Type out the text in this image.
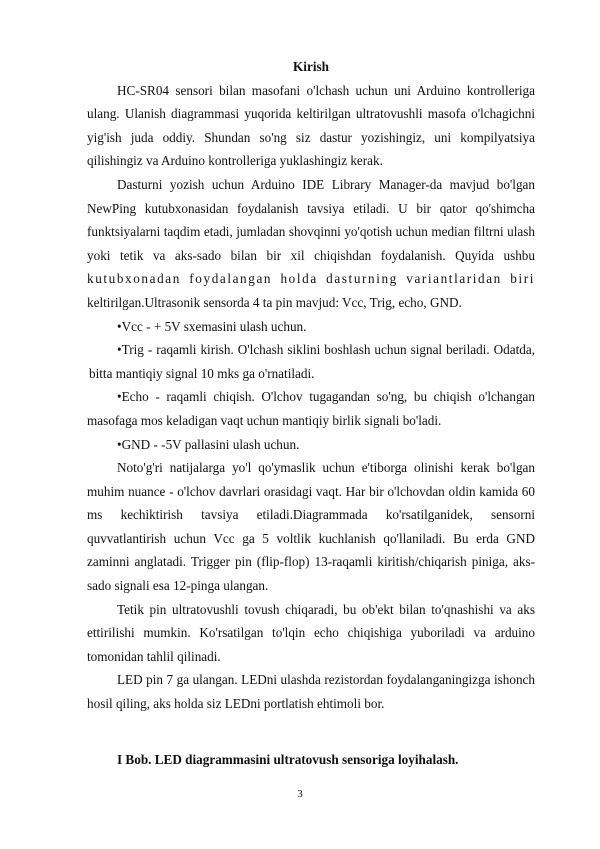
Kirish

HC-SR04 sensori bilan masofani o'lchash uchun uni Arduino kontrolleriga ulang. Ulanish diagrammasi yuqorida keltirilgan ultratovushli masofa o'lchagichni yig'ish juda oddiy. Shundan so'ng siz dastur yozishingiz, uni kompilyatsiya qilishingiz va Arduino kontrolleriga yuklashingiz kerak.

Dasturni yozish uchun Arduino IDE Library Manager-da mavjud bo'lgan NewPing kutubxonasidan foydalanish tavsiya etiladi. U bir qator qo'shimcha funktsiyalarni taqdim etadi, jumladan shovqinni yo'qotish uchun median filtrni ulash yoki tetik va aks-sado bilan bir xil chiqishdan foydalanish. Quyida ushbu kutubxonadan foydalangan holda dasturning variantlaridan biri keltirilgan.Ultrasonik sensorda 4 ta pin mavjud: Vcc, Trig, echo, GND.

•Vcc - + 5V sxemasini ulash uchun.

•Trig - raqamli kirish. O'lchash siklini boshlash uchun signal beriladi. Odatda, bitta mantiqiy signal 10 mks ga o'rnatiladi.

•Echo - raqamli chiqish. O'lchov tugagandan so'ng, bu chiqish o'lchangan masofaga mos keladigan vaqt uchun mantiqiy birlik signali bo'ladi.

•GND - -5V pallasini ulash uchun.

Noto'g'ri natijalarga yo'l qo'ymaslik uchun e'tiborga olinishi kerak bo'lgan muhim nuance - o'lchov davrlari orasidagi vaqt. Har bir o'lchovdan oldin kamida 60 ms kechiktirish tavsiya etiladi.Diagrammada ko'rsatilganidek, sensorni quvvatlantirish uchun Vcc ga 5 voltlik kuchlanish qo'llaniladi. Bu erda GND zaminni anglatadi. Trigger pin (flip-flop) 13-raqamli kiritish/chiqarish piniga, aks-sado signali esa 12-pinga ulangan.

Tetik pin ultratovushli tovush chiqaradi, bu ob'ekt bilan to'qnashishi va aks ettirilishi mumkin. Ko'rsatilgan to'lqin echo chiqishiga yuboriladi va arduino tomonidan tahlil qilinadi.

LED pin 7 ga ulangan. LEDni ulashda rezistordan foydalanganingizga ishonch hosil qiling, aks holda siz LEDni portlatish ehtimoli bor.

I Bob. LED diagrammasini ultratovush sensoriga loyihalash.
3
